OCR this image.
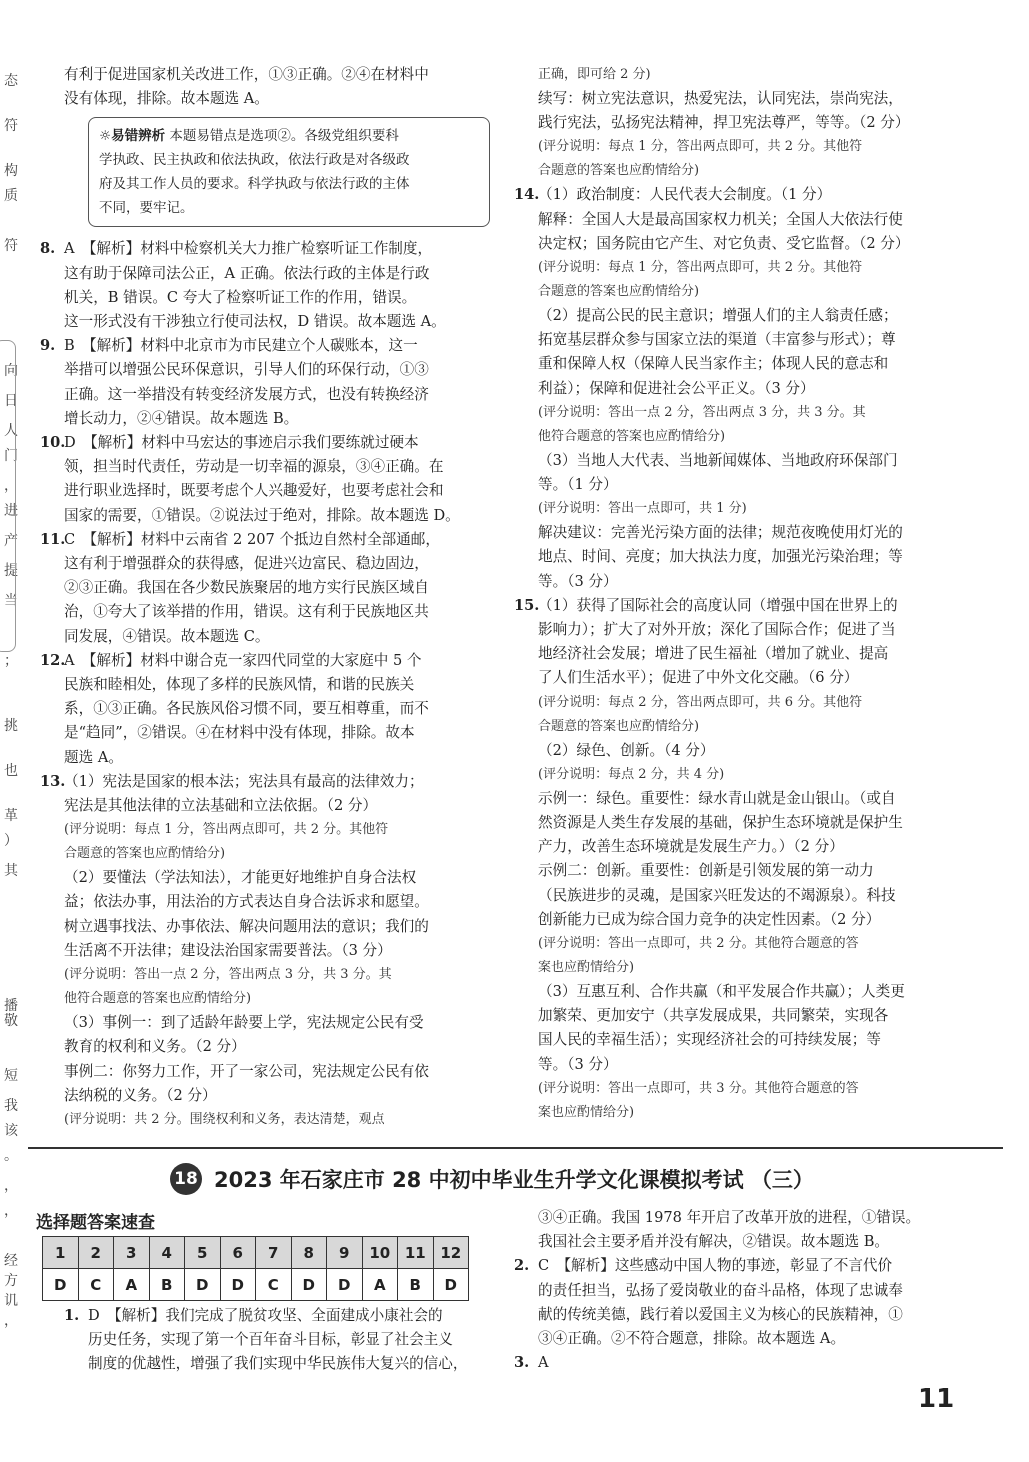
态
符
构
质
符
向
日
人
门
，
进
产
提
当
；
挑
也
革
）
其
播
敬
短
我
该
。
，
，
经
方
讥
，

有利于促进国家机关改进工作，①③正确。②④在材料中

没有体现，排除。故本题选 A。

☼易错辨析 本题易错点是选项②。各级党组织要科
学执政、民主执政和依法执政，依法行政是对各级政
府及其工作人员的要求。科学执政与依法行政的主体
不同，要牢记。

8. A　【解析】材料中检察机关大力推广检察听证工作制度，

这有助于保障司法公正，A 正确。依法行政的主体是行政

机关，B 错误。C 夸大了检察听证工作的作用，错误。

这一形式没有干涉独立行使司法权，D 错误。故本题选 A。

9. B　【解析】材料中北京市为市民建立个人碳账本，这一

举措可以增强公民环保意识，引导人们的环保行动，①③

正确。这一举措没有转变经济发展方式，也没有转换经济

增长动力，②④错误。故本题选 B。

10.D　【解析】材料中马宏达的事迹启示我们要练就过硬本

领，担当时代责任，劳动是一切幸福的源泉，③④正确。在

进行职业选择时，既要考虑个人兴趣爱好，也要考虑社会和

国家的需要，①错误。②说法过于绝对，排除。故本题选 D。

11.C　【解析】材料中云南省 2 207 个抵边自然村全部通邮，

这有利于增强群众的获得感，促进兴边富民、稳边固边，

②③正确。我国在各少数民族聚居的地方实行民族区域自

治，①夸大了该举措的作用，错误。这有利于民族地区共

同发展，④错误。故本题选 C。

12.A　【解析】材料中谢合克一家四代同堂的大家庭中 5 个

民族和睦相处，体现了多样的民族风情，和谐的民族关

系，①③正确。各民族风俗习惯不同，要互相尊重，而不

是“趋同”，②错误。④在材料中没有体现，排除。故本

题选 A。

13.（1）宪法是国家的根本法；宪法具有最高的法律效力；

宪法是其他法律的立法基础和立法依据。（2 分）

(评分说明：每点 1 分，答出两点即可，共 2 分。其他符

合题意的答案也应酌情给分)

（2）要懂法（学法知法），才能更好地维护自身合法权

益；依法办事，用法治的方式表达自身合法诉求和愿望。

树立遇事找法、办事依法、解决问题用法的意识；我们的

生活离不开法律；建设法治国家需要普法。（3 分）

(评分说明：答出一点 2 分，答出两点 3 分，共 3 分。其

他符合题意的答案也应酌情给分)

（3）事例一：到了适龄年龄要上学，宪法规定公民有受

教育的权利和义务。（2 分）

事例二：你努力工作，开了一家公司，宪法规定公民有依

法纳税的义务。（2 分）

(评分说明：共 2 分。围绕权利和义务，表达清楚，观点

正确，即可给 2 分)

续写：树立宪法意识，热爱宪法，认同宪法，崇尚宪法，

践行宪法，弘扬宪法精神，捍卫宪法尊严，等等。（2 分）

(评分说明：每点 1 分，答出两点即可，共 2 分。其他符

合题意的答案也应酌情给分)

14.（1）政治制度：人民代表大会制度。（1 分）

解释：全国人大是最高国家权力机关；全国人大依法行使

决定权；国务院由它产生、对它负责、受它监督。（2 分）

(评分说明：每点 1 分，答出两点即可，共 2 分。其他符

合题意的答案也应酌情给分)

（2）提高公民的民主意识；增强人们的主人翁责任感；

拓宽基层群众参与国家立法的渠道（丰富参与形式）；尊

重和保障人权（保障人民当家作主；体现人民的意志和

利益）；保障和促进社会公平正义。（3 分）

(评分说明：答出一点 2 分，答出两点 3 分，共 3 分。其

他符合题意的答案也应酌情给分)

（3）当地人大代表、当地新闻媒体、当地政府环保部门

等。（1 分）

(评分说明：答出一点即可，共 1 分)

解决建议：完善光污染方面的法律；规范夜晚使用灯光的

地点、时间、亮度；加大执法力度，加强光污染治理；等

等。（3 分）

15.（1）获得了国际社会的高度认同（增强中国在世界上的

影响力）；扩大了对外开放；深化了国际合作；促进了当

地经济社会发展；增进了民生福祉（增加了就业、提高

了人们生活水平）；促进了中外文化交融。（6 分）

(评分说明：每点 2 分，答出两点即可，共 6 分。其他符

合题意的答案也应酌情给分)

（2）绿色、创新。（4 分）

(评分说明：每点 2 分，共 4 分)

示例一：绿色。重要性：绿水青山就是金山银山。（或自

然资源是人类生存发展的基础，保护生态环境就是保护生

产力，改善生态环境就是发展生产力。）（2 分）

示例二：创新。重要性：创新是引领发展的第一动力

（民族进步的灵魂，是国家兴旺发达的不竭源泉）。科技

创新能力已成为综合国力竞争的决定性因素。（2 分）

(评分说明：答出一点即可，共 2 分。其他符合题意的答

案也应酌情给分)

（3）互惠互利、合作共赢（和平发展合作共赢）；人类更

加繁荣、更加安宁（共享发展成果，共同繁荣，实现各

国人民的幸福生活）；实现经济社会的可持续发展；等

等。（3 分）

(评分说明：答出一点即可，共 3 分。其他符合题意的答

案也应酌情给分)

18 2023 年石家庄市 28 中初中毕业生升学文化课模拟考试 （三）
选择题答案速查
1	2	3	4	5	6	7	8	9	10	11	12
D	C	A	B	D	D	C	D	D	A	B	D

1. D　【解析】我们完成了脱贫攻坚、全面建成小康社会的

历史任务，实现了第一个百年奋斗目标，彰显了社会主义

制度的优越性，增强了我们实现中华民族伟大复兴的信心，

③④正确。我国 1978 年开启了改革开放的进程，①错误。

我国社会主要矛盾并没有解决，②错误。故本题选 B。

2. C　【解析】这些感动中国人物的事迹，彰显了不言代价

的责任担当，弘扬了爱岗敬业的奋斗品格，体现了忠诚奉

献的传统美德，践行着以爱国主义为核心的民族精神，①

③④正确。②不符合题意，排除。故本题选 A。

3. A

11
